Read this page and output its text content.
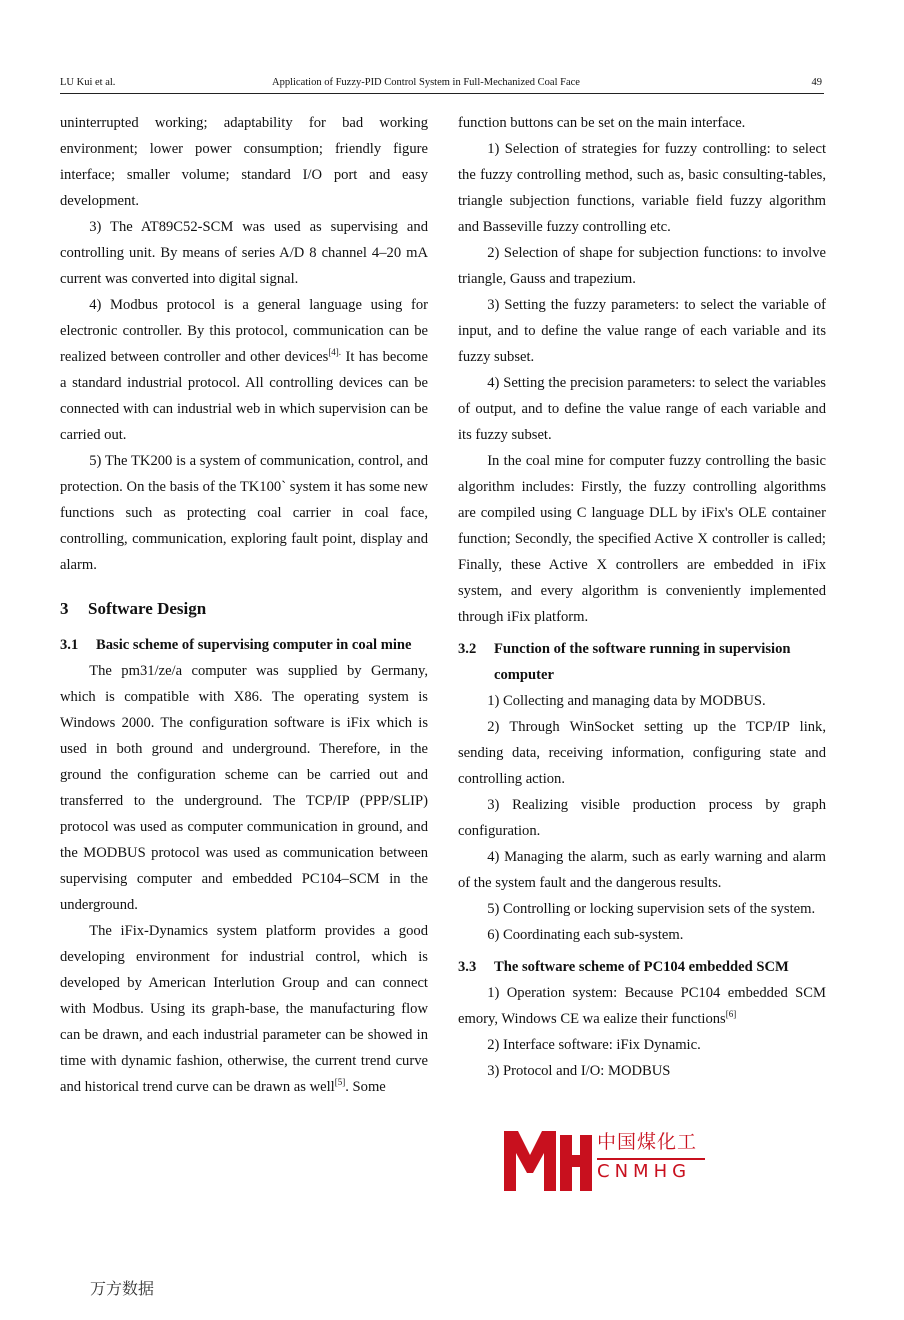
LU Kui et al.	Application of Fuzzy-PID Control System in Full-Mechanized Coal Face	49

uninterrupted working; adaptability for bad working environment; lower power consumption; friendly figure interface; smaller volume; standard I/O port and easy development.

3) The AT89C52-SCM was used as supervising and controlling unit. By means of series A/D 8 channel 4–20 mA current was converted into digital signal.

4) Modbus protocol is a general language using for electronic controller. By this protocol, communication can be realized between controller and other devices$^{[4].}$ It has become a standard industrial protocol. All controlling devices can be connected with can industrial web in which supervision can be carried out.

5) The TK200 is a system of communication, control, and protection. On the basis of the TK100` system it has some new functions such as protecting coal carrier in coal face, controlling, communication, exploring fault point, display and alarm.

3 Software Design
3.1	Basic scheme of supervising computer in coal mine

The pm31/ze/a computer was supplied by Germany, which is compatible with X86. The operating system is Windows 2000. The configuration software is iFix which is used in both ground and underground. Therefore, in the ground the configuration scheme can be carried out and transferred to the underground. The TCP/IP (PPP/SLIP) protocol was used as computer communication in ground, and the MODBUS protocol was used as communication between supervising computer and embedded PC104–SCM in the underground.

The iFix-Dynamics system platform provides a good developing environment for industrial control, which is developed by American Interlution Group and can connect with Modbus. Using its graph-base, the manufacturing flow can be drawn, and each industrial parameter can be showed in time with dynamic fashion, otherwise, the current trend curve and historical trend curve can be drawn as well[5]. Some

function buttons can be set on the main interface.

1) Selection of strategies for fuzzy controlling: to select the fuzzy controlling method, such as, basic consulting-tables, triangle subjection functions, variable field fuzzy algorithm and Basseville fuzzy controlling etc.

2) Selection of shape for subjection functions: to involve triangle, Gauss and trapezium.

3) Setting the fuzzy parameters: to select the variable of input, and to define the value range of each variable and its fuzzy subset.

4) Setting the precision parameters: to select the variables of output, and to define the value range of each variable and its fuzzy subset.

In the coal mine for computer fuzzy controlling the basic algorithm includes: Firstly, the fuzzy controlling algorithms are compiled using C language DLL by iFix's OLE container function; Secondly, the specified Active X controller is called; Finally, these Active X controllers are embedded in iFix system, and every algorithm is conveniently implemented through iFix platform.

3.2	Function of the software running in supervision computer

1) Collecting and managing data by MODBUS.

2) Through WinSocket setting up the TCP/IP link, sending data, receiving information, configuring state and controlling action.

3) Realizing visible production process by graph configuration.

4) Managing the alarm, such as early warning and alarm of the system fault and the dangerous results.

5) Controlling or locking supervision sets of the system.

6) Coordinating each sub-system.

3.3	The software scheme of PC104 embedded SCM

1) Operation system: Because PC104 embedded SCM emory, Windows CE wa ealize their functions[6]

2) Interface software: iFix Dynamic.

3) Protocol and I/O: MODBUS

中国煤化工
CNMHG
万方数据
